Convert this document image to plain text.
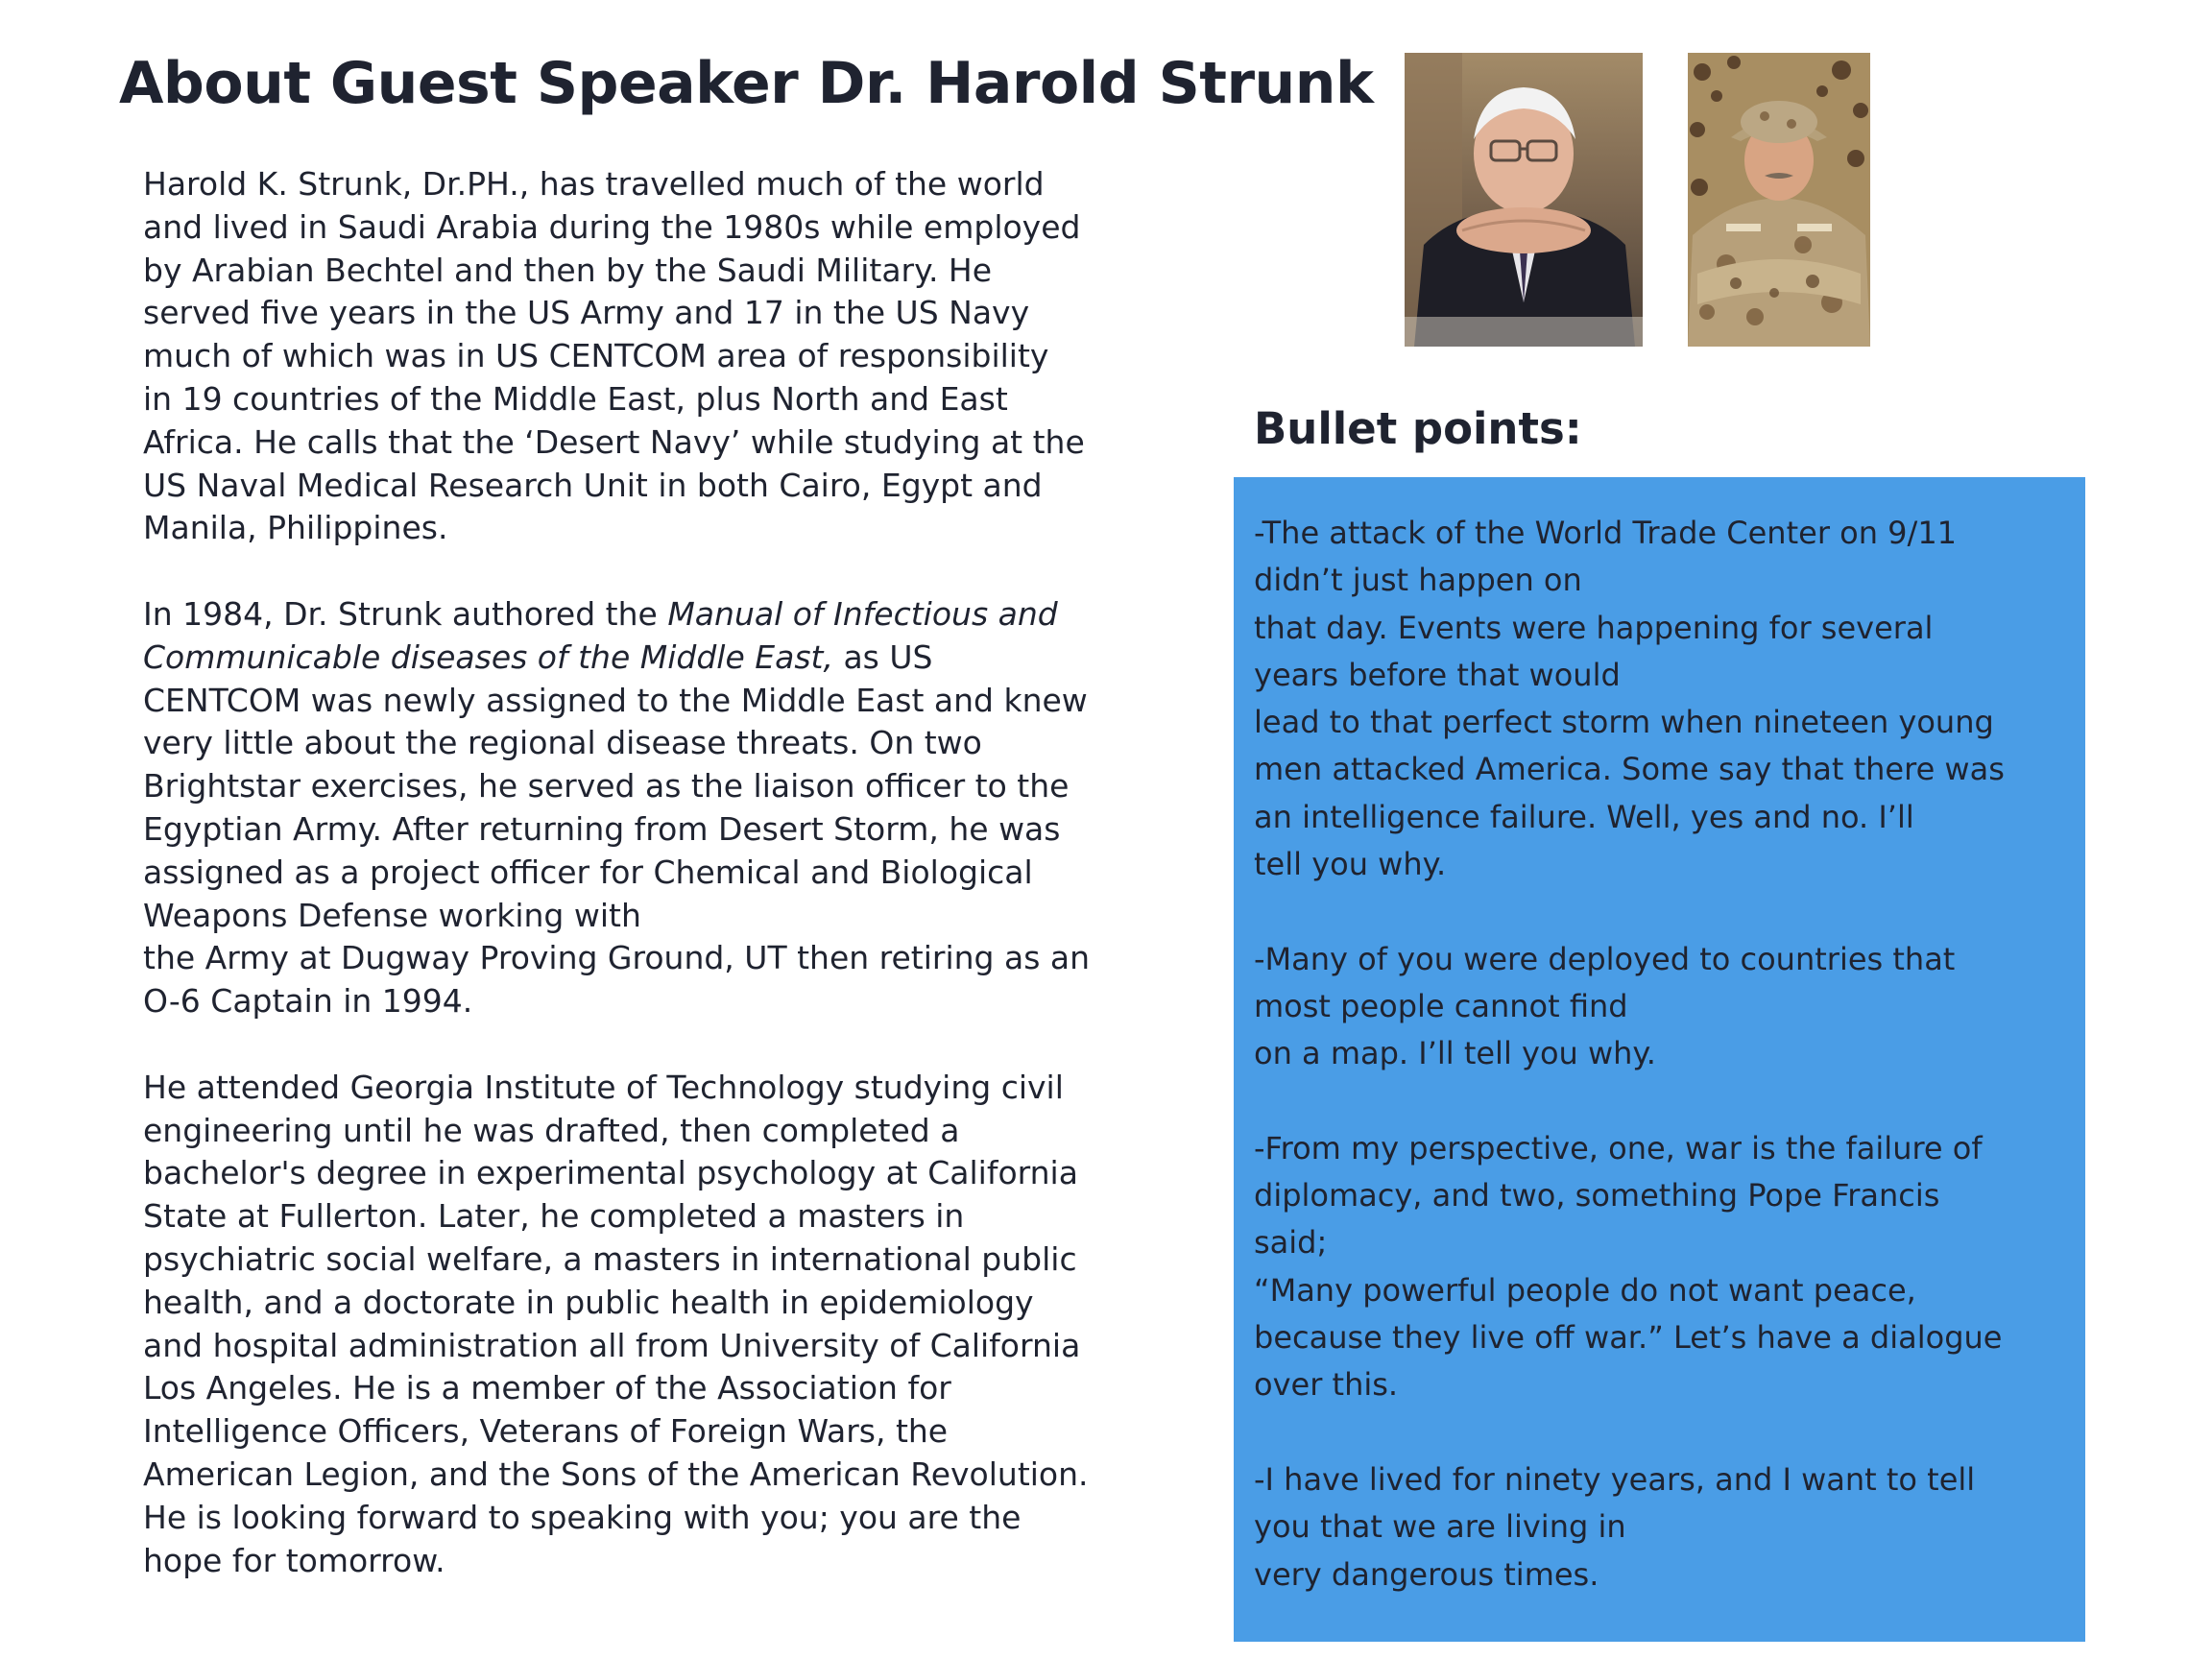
About Guest Speaker Dr. Harold Strunk
Harold K. Strunk, Dr.PH., has travelled much of the world
and lived in Saudi Arabia during the 1980s while employed
by Arabian Bechtel and then by the Saudi Military. He
served five years in the US Army and 17 in the US Navy
much of which was in US CENTCOM area of responsibility
in 19 countries of the Middle East, plus North and East
Africa. He calls that the ‘Desert Navy’ while studying at the
US Naval Medical Research Unit in both Cairo, Egypt and
Manila, Philippines.
In 1984, Dr. Strunk authored the Manual of Infectious and
Communicable diseases of the Middle East, as US
CENTCOM was newly assigned to the Middle East and knew
very little about the regional disease threats. On two
Brightstar exercises, he served as the liaison officer to the
Egyptian Army. After returning from Desert Storm, he was
assigned as a project officer for Chemical and Biological
Weapons Defense working with
the Army at Dugway Proving Ground, UT then retiring as an
O-6 Captain in 1994.
He attended Georgia Institute of Technology studying civil
engineering until he was drafted, then completed a
bachelor's degree in experimental psychology at California
State at Fullerton. Later, he completed a masters in
psychiatric social welfare, a masters in international public
health, and a doctorate in public health in epidemiology
and hospital administration all from University of California
Los Angeles. He is a member of the Association for
Intelligence Officers, Veterans of Foreign Wars, the
American Legion, and the Sons of the American Revolution.
He is looking forward to speaking with you; you are the
hope for tomorrow.
Bullet points:
-The attack of the World Trade Center on 9/11
didn’t just happen on
that day. Events were happening for several
years before that would
lead to that perfect storm when nineteen young
men attacked America. Some say that there was
an intelligence failure. Well, yes and no. I’ll
tell you why.
-Many of you were deployed to countries that
most people cannot find
on a map. I’ll tell you why.
-From my perspective, one, war is the failure of
diplomacy, and two, something Pope Francis
said;
“Many powerful people do not want peace,
because they live off war.” Let’s have a dialogue
over this.
-I have lived for ninety years, and I want to tell
you that we are living in
very dangerous times.
